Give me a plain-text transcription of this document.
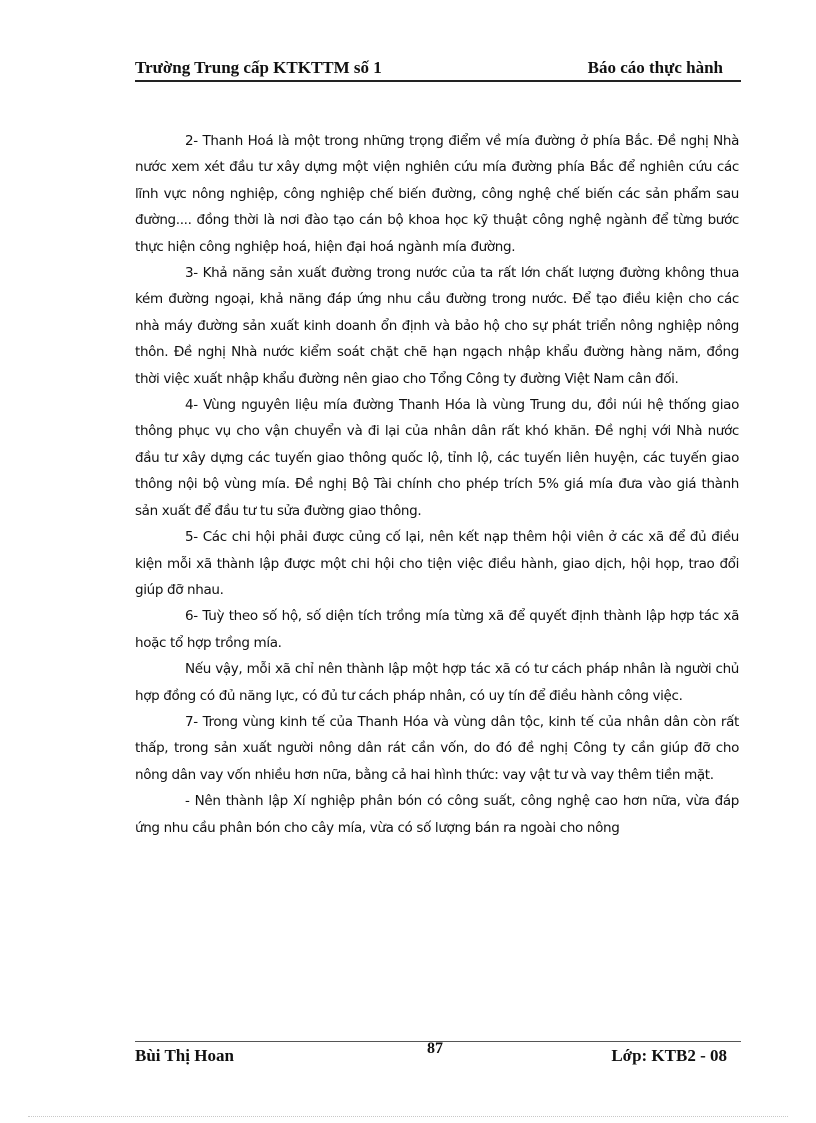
Trường Trung cấp KTKTTM số 1	Báo cáo thực hành

2- Thanh Hoá là một trong những trọng điểm về mía đường ở phía Bắc. Đề nghị Nhà nước xem xét đầu tư xây dựng một viện nghiên cứu mía đường phía Bắc để nghiên cứu các lĩnh vực nông nghiệp, công nghiệp chế biến đường, công nghệ chế biến các sản phẩm sau đường.... đồng thời là nơi đào tạo cán bộ khoa học kỹ thuật công nghệ ngành để từng bước thực hiện công nghiệp hoá, hiện đại hoá ngành mía đường.

3- Khả năng sản xuất đường trong nước của ta rất lớn chất lượng đường không thua kém đường ngoại, khả năng đáp ứng nhu cầu đường trong nước. Để tạo điều kiện cho các nhà máy đường sản xuất kinh doanh ổn định và bảo hộ cho sự phát triển nông nghiệp nông thôn. Đề nghị Nhà nước kiểm soát chặt chẽ hạn ngạch nhập khẩu đường hàng năm, đồng thời việc xuất nhập khẩu đường nên giao cho Tổng Công ty đường Việt Nam cân đối.

4- Vùng nguyên liệu mía đường Thanh Hóa là vùng Trung du, đồi núi hệ thống giao thông phục vụ cho vận chuyển và đi lại của nhân dân rất khó khăn. Đề nghị với Nhà nước đầu tư xây dựng các tuyến giao thông quốc lộ, tỉnh lộ, các tuyến liên huyện, các tuyến giao thông nội bộ vùng mía. Đề nghị Bộ Tài chính cho phép trích 5% giá mía đưa vào giá thành sản xuất để đầu tư tu sửa đường giao thông.

5- Các chi hội phải được củng cố lại, nên kết nạp thêm hội viên ở các xã để đủ điều kiện mỗi xã thành lập được một chi hội cho tiện việc điều hành, giao dịch, hội họp, trao đổi giúp đỡ nhau.

6- Tuỳ theo số hộ, số diện tích trồng mía từng xã để quyết định thành lập hợp tác xã hoặc tổ hợp trồng mía.

Nếu vậy, mỗi xã chỉ nên thành lập một hợp tác xã có tư cách pháp nhân là người chủ hợp đồng có đủ năng lực, có đủ tư cách pháp nhân, có uy tín để điều hành công việc.

7- Trong vùng kinh tế của Thanh Hóa và vùng dân tộc, kinh tế của nhân dân còn rất thấp, trong sản xuất người nông dân rát cần vốn, do đó đề nghị Công ty cần giúp đỡ cho nông dân vay vốn nhiều hơn nữa, bằng cả hai hình thức: vay vật tư và vay thêm tiền mặt.

- Nên thành lập Xí nghiệp phân bón có công suất, công nghệ cao hơn nữa, vừa đáp ứng nhu cầu phân bón cho cây mía, vừa có số lượng bán ra ngoài cho nông

Bùi Thị Hoan	87	Lớp: KTB2 - 08
